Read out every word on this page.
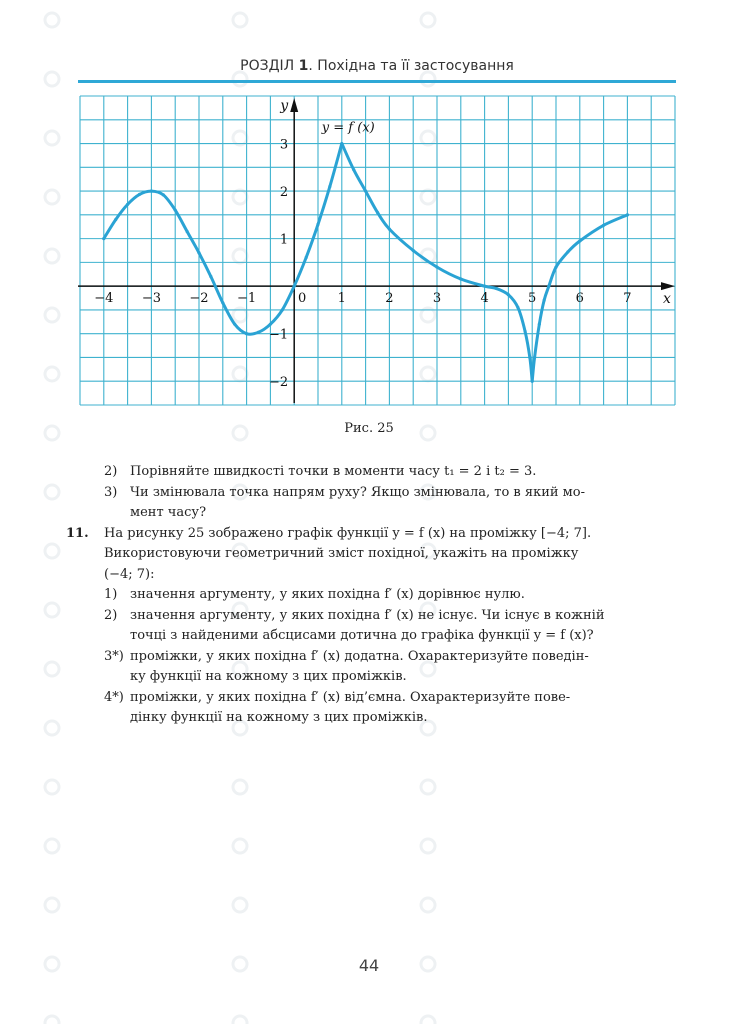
РОЗДІЛ 1. Похідна та її застосування
−4 −3 −2 −1	0 1	2	3	4	5	6	7
3
2
1
−1
−2
x
y
y = f (x)
Рис. 25
2) Порівняйте швидкості точки в моменти часу t₁ = 2 і t₂ = 3.
3) Чи змінювала точка напрям руху? Якщо змінювала, то в який мо-
мент часу?
11.	На рисунку 25 зображено графік функції y = f (x) на проміжку [−4; 7].
Використовуючи геометричний зміст похідної, укажіть на проміжку
(−4; 7):
1) значення аргументу, у яких похідна f′ (x) дорівнює нулю.
2) значення аргументу, у яких похідна f′ (x) не існує. Чи існує в кожній
точці з найденими абсцисами дотична до графіка функції y = f (x)?
3*) проміжки, у яких похідна f′ (x) додатна. Охарактеризуйте поведін-
ку функції на кожному з цих проміжків.
4*) проміжки, у яких похідна f′ (x) від’ємна. Охарактеризуйте пове-
дінку функції на кожному з цих проміжків.
44
